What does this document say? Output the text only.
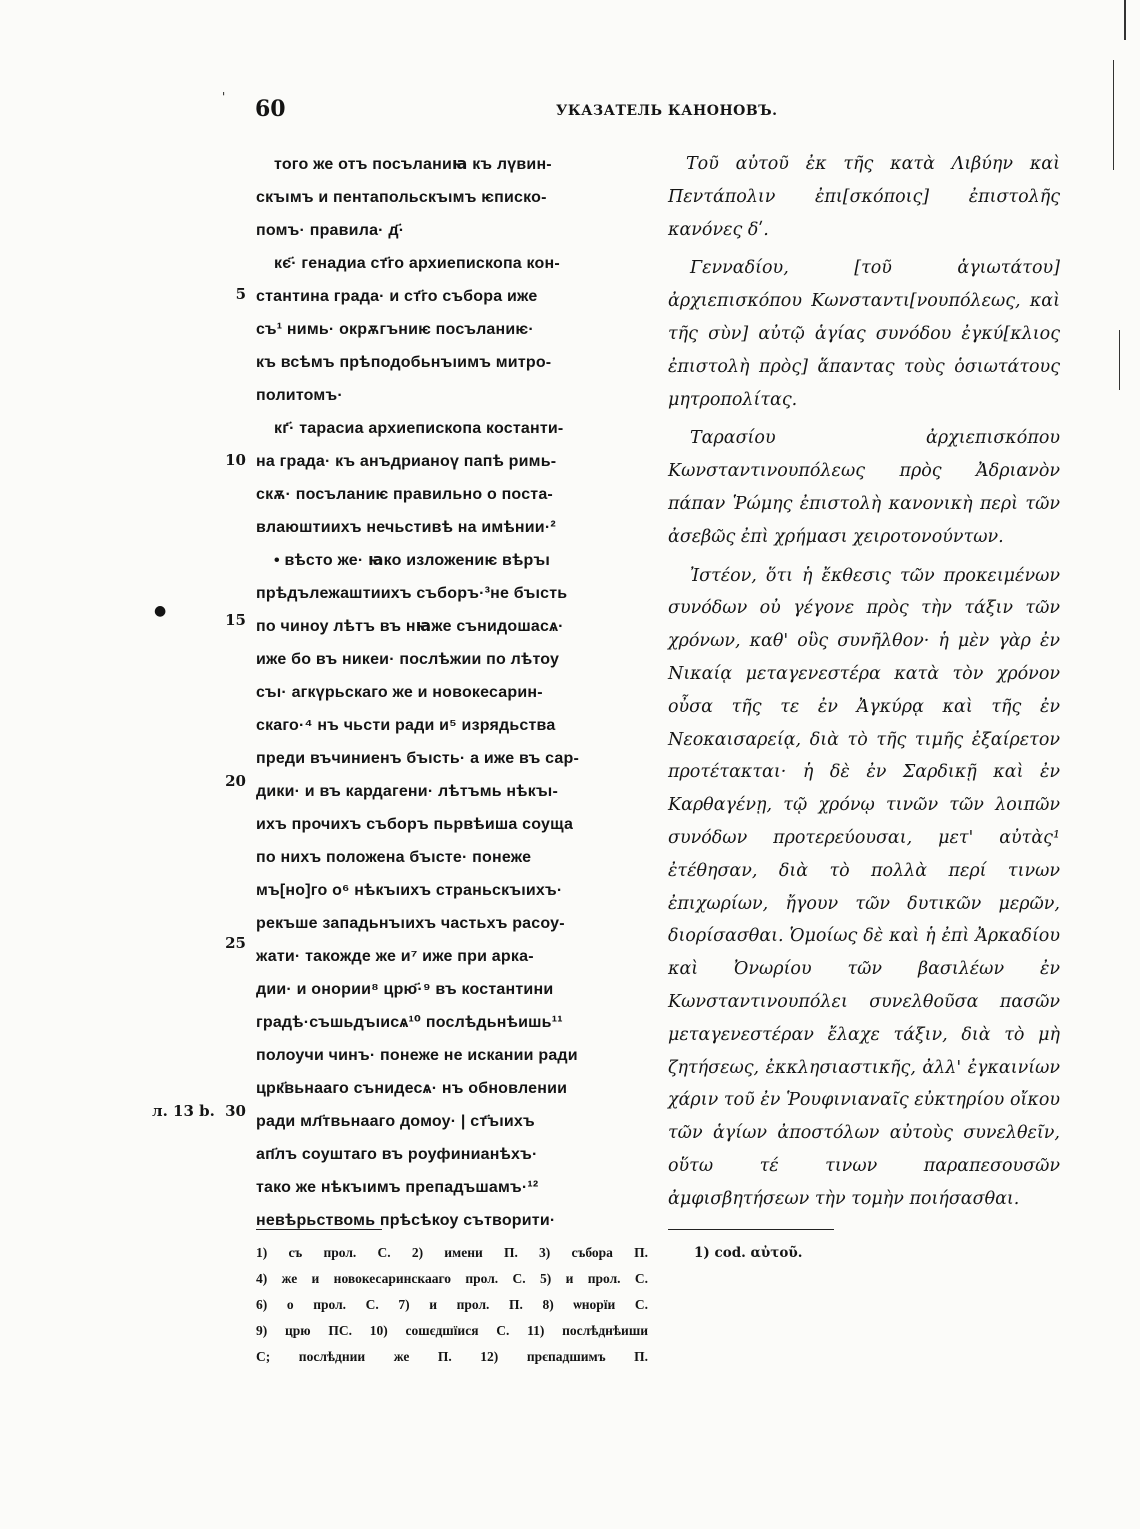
' 60	УКАЗАТЕЛЬ КАНОНОВЪ.
5
10
15
20
25
30
л. 13 b.
●
того же отъ посъланиꙗ къ лүвин-
скъıмъ и пентапольскъıмъ ѥписко-
помъ· правила· д҃·
кє҃· генадиа ст҃го архиепископа кон-
стантина града· и ст҃го събора иже
съ¹ нимь· окрѫгъниѥ посъланиѥ·
къ всѣмъ прѣподобьнъıимъ митро-
политомъ·
кг҃· тарасиа архиепископа костанти-
на града· къ анъдрианоү папѣ римь-
скѫ· посъланиѥ правильно о поста-
влаюштиихъ нечьстивѣ на имѣнии·²
• вѣсто же· ꙗко изложениѥ вѣръı
прѣдълежаштиихъ съборъ·³не бъıсть
по чиноу лѣтъ въ нꙗже сънидошасѧ·
иже бо въ никеи· послѣжии по лѣтоу
съı· агкүрьскаго же и новокесарин-
скаго·⁴ нъ чьсти ради и⁵ изрядьства
преди въчиниенъ бъıсть· а иже въ сар-
дики· и въ кардагени· лѣтъмь нѣкъı-
ихъ прочихъ съборъ пьрвѣиша соуща
по нихъ положена бъıсте· понеже
мъ[но]го о⁶ нѣкъıихъ страньскъıихъ·
рекъше западьнъıихъ частьхъ расоу-
жати· такожде же и⁷ иже при арка-
дии· и онории⁸ црю҃·⁹ въ костантини
градѣ·съшьдъıисѧ¹⁰ послѣдьнѣишь¹¹
полоучи чинъ· понеже не искании ради
црк҃вьнааго сънидесѧ· нъ обновлении
ради мл҃твьнааго домоу· | ст҃ъıихъ
ап҃лъ соуштаго въ роуфинианѣхъ·
тако же нѣкъıимъ препадъшамъ·¹²
невѣрьствомь прѣсѣкоу сътворити·

Τοῦ αὐτοῦ ἐκ τῆς κατὰ Λιβύην καὶ Πεντάπολιν ἐπι[σκόποις] ἐπιστολῆς κανόνες δʹ.

Γενναδίου, [τοῦ ἁγιωτάτου] ἀρχιεπισκόπου Κωνσταντι[νουπόλεως, καὶ τῆς σὺν] αὐτῷ ἁγίας συνόδου ἐγκύ[κλιος ἐπιστολὴ πρὸς] ἅπαντας τοὺς ὁσιωτάτους μητροπολίτας.

Ταρασίου ἀρχιεπισκόπου Κωνσταντινουπόλεως πρὸς Ἀδριανὸν πάπαν Ῥώμης ἐπιστολὴ κανονικὴ περὶ τῶν ἀσεβῶς ἐπὶ χρήμασι χειροτονούντων.

Ἰστέον, ὅτι ἡ ἔκθεσις τῶν προκειμένων συνόδων οὐ γέγονε πρὸς τὴν τάξιν τῶν χρόνων, καθ' οὓς συνῆλθον· ἡ μὲν γὰρ ἐν Νικαίᾳ μεταγενεστέρα κατὰ τὸν χρόνον οὖσα τῆς τε ἐν Ἀγκύρᾳ καὶ τῆς ἐν Νεοκαισαρείᾳ, διὰ τὸ τῆς τιμῆς ἐξαίρετον προτέτακται· ἡ δὲ ἐν Σαρδικῇ καὶ ἐν Καρθαγένῃ, τῷ χρόνῳ τινῶν τῶν λοιπῶν συνόδων προτερεύουσαι, μετ' αὐτὰς¹ ἐτέθησαν, διὰ τὸ πολλὰ περί τινων ἐπιχωρίων, ἤγουν τῶν δυτικῶν μερῶν, διορίσασθαι. Ὁμοίως δὲ καὶ ἡ ἐπὶ Ἀρκαδίου καὶ Ὀνωρίου τῶν βασιλέων ἐν Κωνσταντινουπόλει συνελθοῦσα πασῶν μεταγενεστέραν ἔλαχε τάξιν, διὰ τὸ μὴ ζητήσεως, ἐκκλησιαστικῆς, ἀλλ' ἐγκαινίων χάριν τοῦ ἐν Ῥουφινιαναῖς εὐκτηρίου οἴκου τῶν ἁγίων ἀποστόλων αὐτοὺς συνελθεῖν, οὕτω τέ τινων παραπεσουσῶν ἀμφισβητήσεων τὴν τομὴν ποιήσασθαι.

1) съ прол. С. 2) имени П. 3) събора П.
4) же и новокесаринскааго прол. С. 5) и прол. С.
6) о прол. С. 7) и прол. П. 8) ѡнорїи С.
9) црю ПС. 10) сошєдшїися С. 11) послѣднѣиши
С; послѣднии же П. 12) прєпадшимъ П.
1) cod. αὐτοῦ.
